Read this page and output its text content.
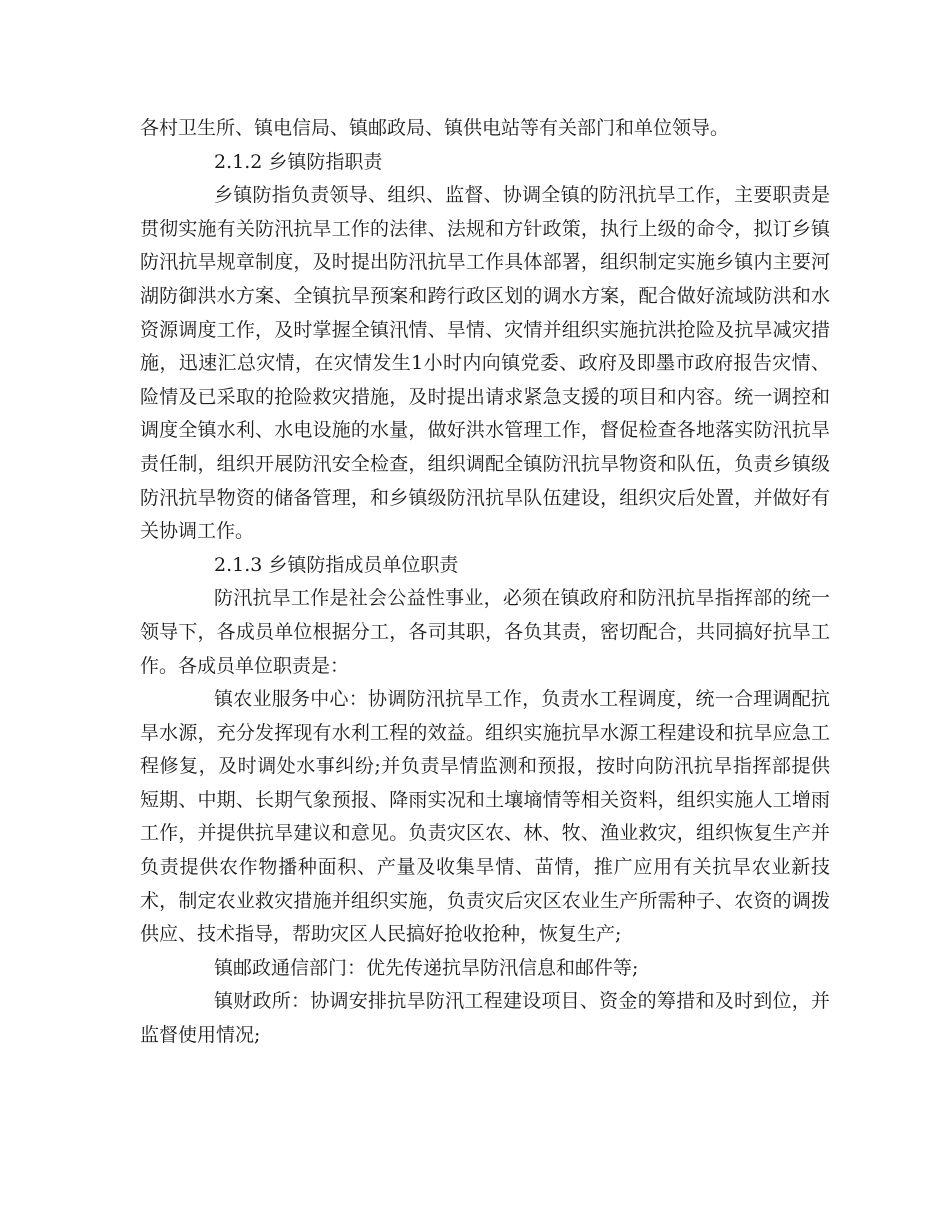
各村卫生所、镇电信局、镇邮政局、镇供电站等有关部门和单位领导。

2.1.2 乡镇防指职责

乡镇防指负责领导、组织、监督、协调全镇的防汛抗旱工作，主要职责是贯彻实施有关防汛抗旱工作的法律、法规和方针政策，执行上级的命令，拟订乡镇防汛抗旱规章制度，及时提出防汛抗旱工作具体部署，组织制定实施乡镇内主要河湖防御洪水方案、全镇抗旱预案和跨行政区划的调水方案，配合做好流域防洪和水资源调度工作，及时掌握全镇汛情、旱情、灾情并组织实施抗洪抢险及抗旱减灾措施，迅速汇总灾情，在灾情发生1小时内向镇党委、政府及即墨市政府报告灾情、险情及已采取的抢险救灾措施，及时提出请求紧急支援的项目和内容。统一调控和调度全镇水利、水电设施的水量，做好洪水管理工作，督促检查各地落实防汛抗旱责任制，组织开展防汛安全检查，组织调配全镇防汛抗旱物资和队伍，负责乡镇级防汛抗旱物资的储备管理，和乡镇级防汛抗旱队伍建设，组织灾后处置，并做好有关协调工作。

2.1.3 乡镇防指成员单位职责

防汛抗旱工作是社会公益性事业，必须在镇政府和防汛抗旱指挥部的统一领导下，各成员单位根据分工，各司其职，各负其责，密切配合，共同搞好抗旱工作。各成员单位职责是：

镇农业服务中心：协调防汛抗旱工作，负责水工程调度，统一合理调配抗旱水源，充分发挥现有水利工程的效益。组织实施抗旱水源工程建设和抗旱应急工程修复，及时调处水事纠纷;并负责旱情监测和预报，按时向防汛抗旱指挥部提供短期、中期、长期气象预报、降雨实况和土壤墒情等相关资料，组织实施人工增雨工作，并提供抗旱建议和意见。负责灾区农、林、牧、渔业救灾，组织恢复生产并负责提供农作物播种面积、产量及收集旱情、苗情，推广应用有关抗旱农业新技术，制定农业救灾措施并组织实施，负责灾后灾区农业生产所需种子、农资的调拨供应、技术指导，帮助灾区人民搞好抢收抢种，恢复生产;

镇邮政通信部门：优先传递抗旱防汛信息和邮件等;

镇财政所：协调安排抗旱防汛工程建设项目、资金的筹措和及时到位，并监督使用情况;
